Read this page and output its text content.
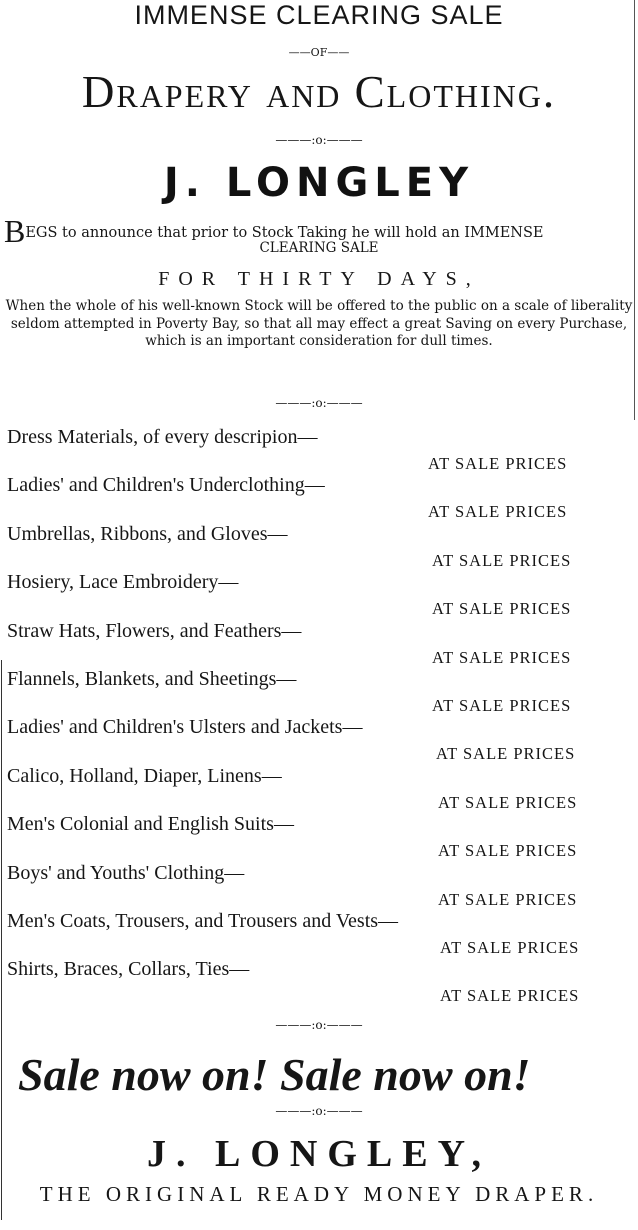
IMMENSE CLEARING SALE
——OF——
Drapery and Clothing.
———:o:———
J. LONGLEY
BEGS to announce that prior to Stock Taking he will hold an IMMENSE
CLEARING SALE
FOR THIRTY DAYS,
When the whole of his well-known Stock will be offered to the public on a scale of liberality seldom attempted in Poverty Bay, so that all may effect a great Saving on every Purchase, which is an important consideration for dull times.
———:o:———
Dress Materials, of every descripion—
AT SALE PRICES
Ladies' and Children's Underclothing—
AT SALE PRICES
Umbrellas, Ribbons, and Gloves—
AT SALE PRICES
Hosiery, Lace Embroidery—
AT SALE PRICES
Straw Hats, Flowers, and Feathers—
AT SALE PRICES
Flannels, Blankets, and Sheetings—
AT SALE PRICES
Ladies' and Children's Ulsters and Jackets—
AT SALE PRICES
Calico, Holland, Diaper, Linens—
AT SALE PRICES
Men's Colonial and English Suits—
AT SALE PRICES
Boys' and Youths' Clothing—
AT SALE PRICES
Men's Coats, Trousers, and Trousers and Vests—
AT SALE PRICES
Shirts, Braces, Collars, Ties—
AT SALE PRICES
———:o:———
Sale now on! Sale now on!
———:o:———
J. LONGLEY,
THE ORIGINAL READY MONEY DRAPER.
